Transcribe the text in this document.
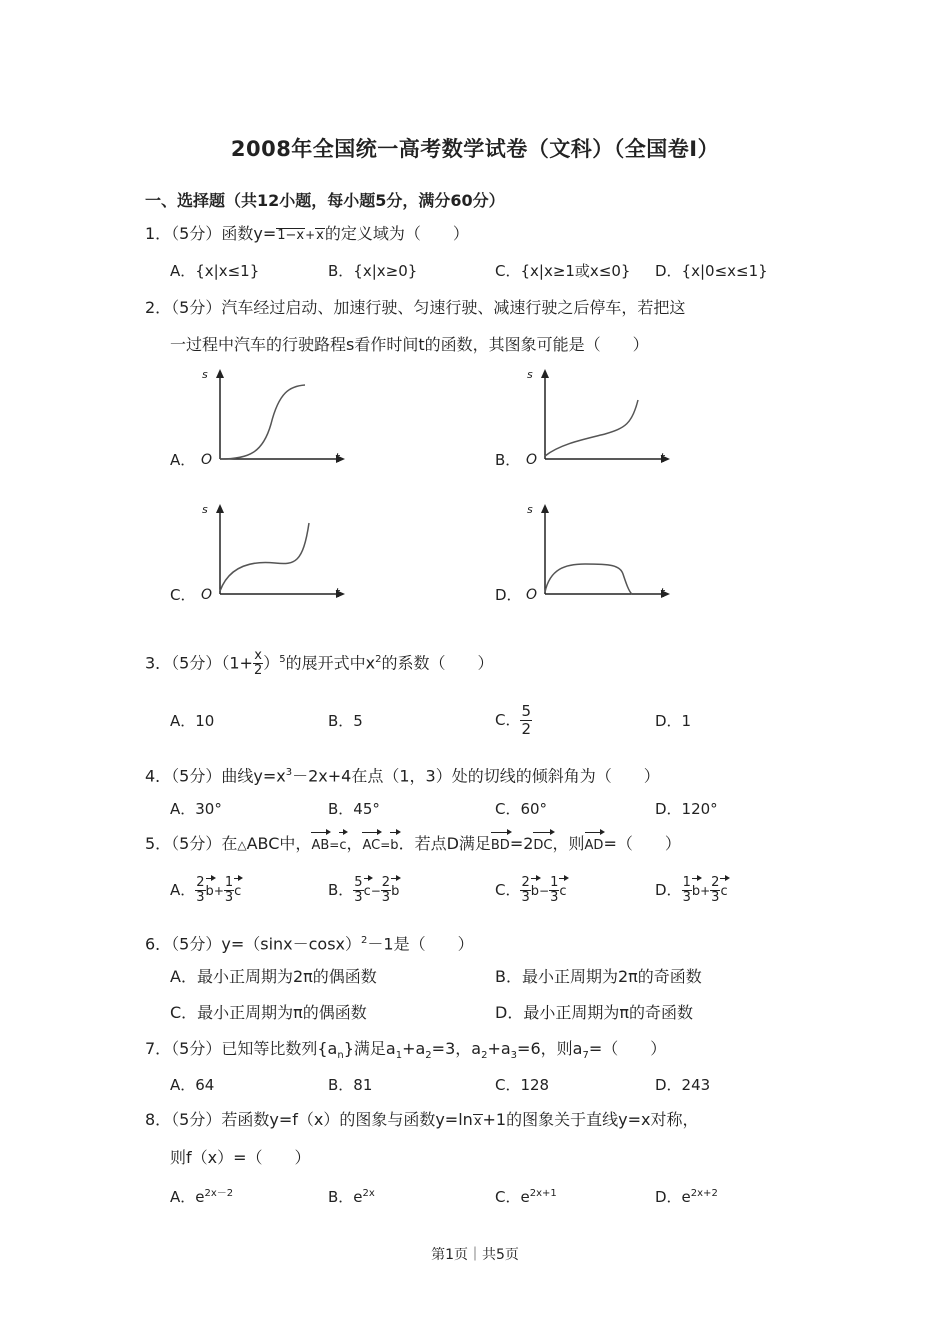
2008年全国统一高考数学试卷（文科）（全国卷Ⅰ）
一、选择题（共12小题，每小题5分，满分60分）
1．（5分）函数y=1−x+x的定义域为（　　）
A．{x|x≤1}	B．{x|x≥0}	C．{x|x≥1或x≤0} D．{x|0≤x≤1}
2．（5分）汽车经过启动、加速行驶、匀速行驶、减速行驶之后停车，若把这
一过程中汽车的行驶路程s看作时间t的函数，其图象可能是（　　）
A．	B．
C．	D．
s
t
O
s
t
O
s
t
O
s
t
O
3．（5分）$(1+ \frac{x}{2} )^5$的展开式中$x^2$的系数（　　）
A．10	B．5	C． $\frac{5}{2}$	D．1
4．（5分）曲线$y=x^3-2x+4$在点（1，3）处的切线的倾斜角为（　　）
A．30°	B．45°	C．60°	D．120°
5．（5分）在△ABC中，AB=c，AC=b．若点D满足BD=2DC，则AD=（　　）
A． $\frac{2}{3} b+ \frac{1}{3}$ c	B． $\frac{5}{3} c- \frac{2}{3}$ b	C． $\frac{2}{3} b- \frac{1}{3}$ c	D． $\frac{1}{3} b+ \frac{2}{3}$ c
6．（5分）$y=(\sin x-\cos x)^2-1$是（　　）
A．最小正周期为2π的偶函数	B．最小正周期为2π的奇函数
C．最小正周期为π的偶函数	D．最小正周期为π的奇函数
7．（5分）已知等比数列$\{a_n\}$满足$a_1+a_2=3$，$a_2+a_3=6$，则$a_7=$（　　）
A．64	B．81	C．128	D．243
8．（5分）若函数y=f（x）的图象与函数y=lnx+1的图象关于直线y=x对称，
则f（x）=（　　）
A．$e^{2x-2}$	B．$e^{2x}$	C．$e^{2x+1}$	D．$e^{2x+2}$
第1页｜共5页
